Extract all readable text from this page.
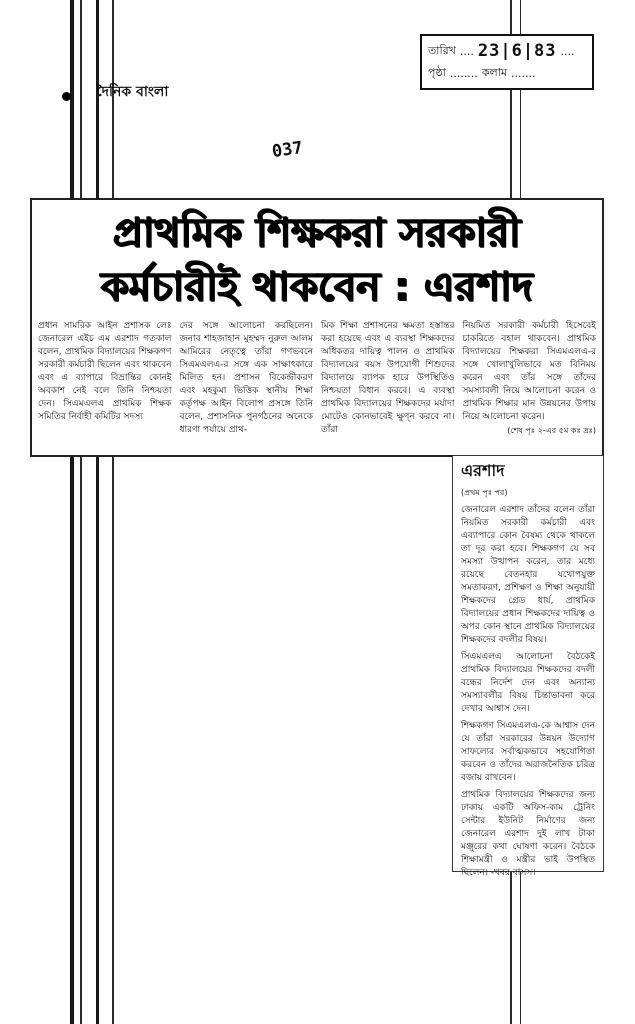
তারিখ .... 23|6|83 ....
পৃষ্ঠা ........ কলাম .......
দৈনিক বাংলা
037
প্রাথমিক শিক্ষকরা সরকারী
কর্মচারীই থাকবেন : এরশাদ
প্রধান সামরিক আইন প্রশাসক লেঃ জেনারেল এইচ এম এরশাদ গতকাল বলেন, প্রাথমিক বিদ্যালয়ের শিক্ষকগণ সরকারী কর্মচারী ছিলেন এবং থাকবেন এবং এ ব্যাপারে বিভ্রান্তির কোনই অবকাশ নেই বলে তিনি নিশ্চয়তা দেন। সিএমএলএ প্রাথমিক শিক্ষক সমিতির নির্বাহী কমিটির সদস্য
দের সঙ্গে আলোচনা করছিলেন। জনাব শাহজাহান মুহম্মদ নুরুল আলম আমিরের নেতৃত্বে তাঁরা গণভবনে সিএমএলএ-র সঙ্গে এক সাক্ষাৎকারে মিলিত হন। প্রশাসন বিকেন্দ্রীকরণ এবং মহকুমা ভিত্তিক স্থানীয় শিক্ষা কর্তৃপক্ষ আইন বিলোপ প্রসঙ্গে তিনি বলেন, প্রশাসনিক পুনর্গঠনের অনেকে ধারণা পর্যায়ে প্রাথ-
মিক শিক্ষা প্রশাসনের ক্ষমতা হস্তান্তর করা হয়েছে এবং এ ব্যবস্থা শিক্ষকদের অধিকতর দায়িত্ব পালন ও প্রাথমিক বিদ্যালয়ের বয়স উপযোগী শিশুদের বিদ্যালয়ে ব্যাপক হারে উপস্থিতিও নিশ্চয়তা বিধান করবে। এ ব্যবস্থা প্রাথমিক বিদ্যালয়ের শিক্ষকদের মর্যাদা মোটেও কোনভাবেই ক্ষুণ্ন করবে না। তাঁরা
নিয়মিত সরকারী কর্মচারী হিসেবেই চাকরিতে বহাল থাকবেন। প্রাথমিক বিদ্যালয়ের শিক্ষকরা সিএমএলএ-র সঙ্গে খোলাখুলিভাবে মত বিনিময় করেন এবং তাঁর সঙ্গে তাঁদের সমস্যাবলী নিয়ে আলোচনা করেন ও প্রাথমিক শিক্ষার মান উন্নয়নের উপায় নিয়ে আলোচনা করেন।
(শেষ পৃঃ ২-এর ৫ম কঃ দ্রঃ)
এরশাদ
(প্রথম পৃঃ পর)

জেনারেল এরশাদ তাঁদের বলেন তাঁরা নিয়মিত সরকারী কর্মচারী এবং এব্যাপারে কোন বৈষম্য থেকে থাকলে তা দূর করা হবে। শিক্ষকগণ যে সব সমস্যা উত্থাপন করেন, তার মধ্যে রয়েছে বেতনহার যথোপযুক্ত সমতাকরণ, প্রশিক্ষণ ও শিক্ষা অনুযায়ী শিক্ষকদের গ্রেড ধার্য, প্রাথমিক বিদ্যালয়ের প্রধান শিক্ষকদের দায়িত্ব ও অপর কোন স্থানে প্রাথমিক বিদ্যালয়ের শিক্ষকদের বদলীর বিষয়।

সিএমএলএ আলোচনা বৈঠকেই প্রাথমিক বিদ্যালয়ের শিক্ষকদের বদলী বন্ধের নির্দেশ দেন এবং অন্যান্য সমস্যাবলীর বিষয় চিন্তাভাবনা করে দেখার আশ্বাস দেন।

শিক্ষকগণ সিএমএলএ-কে আশ্বাস দেন যে তাঁরা সরকারের উন্নয়ন উদ্যোগ সাফল্যের সর্বাত্মকভাবে সহযোগিতা করবেন ও তাঁদের অরাজনৈতিক চরিত্র বজায় রাখবেন।

প্রাথমিক বিদ্যালয়ের শিক্ষকদের জন্য ঢাকায় একটি অফিস-কাম ট্রেনিং সেন্টার ইউনিট নির্মাণের জন্য জেনারেল এরশাদ দুই লাখ টাকা মঞ্জুরের কথা ঘোষণা করেন। বৈঠকে শিক্ষামন্ত্রী ও মন্ত্রীর ভাই উপস্থিত ছিলেন। -খবর বাসস।
